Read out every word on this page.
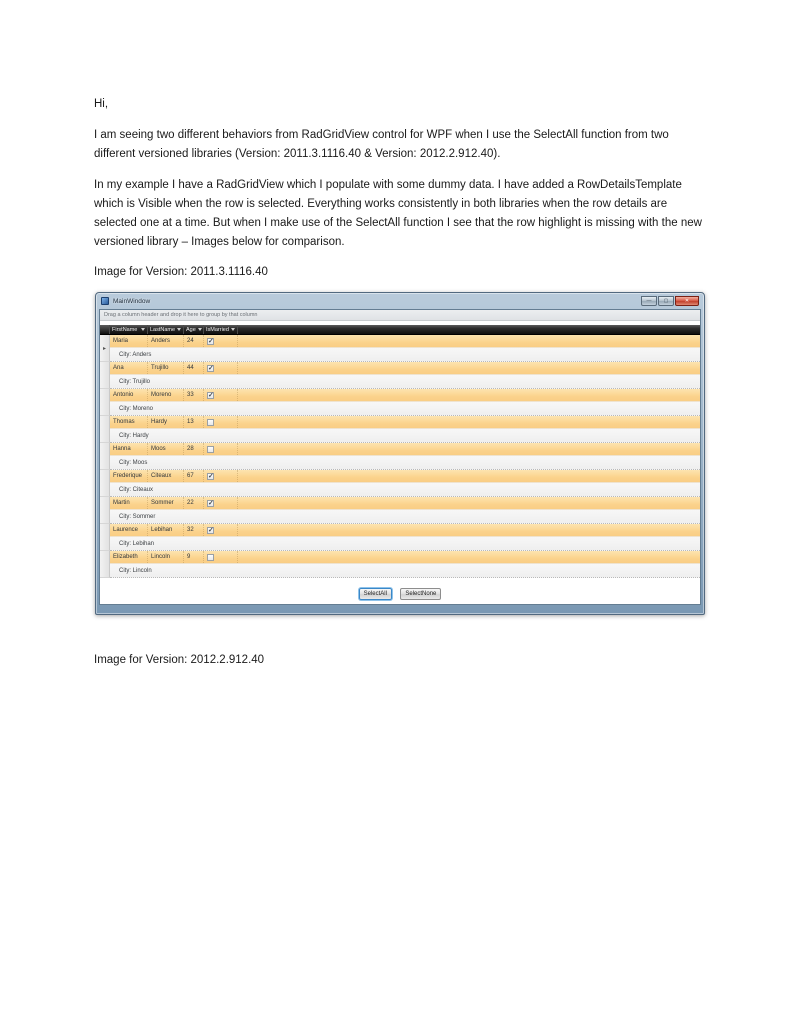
Hi,
I am seeing two different behaviors from RadGridView control for WPF when I use the SelectAll function from two different versioned libraries (Version: 2011.3.1116.40 & Version: 2012.2.912.40).
In my example I have a RadGridView which I populate with some dummy data. I have added a RowDetailsTemplate which is Visible when the row is selected. Everything works consistently in both libraries when the row details are selected one at a time. But when I make use of the SelectAll function I see that the row highlight is missing with the new versioned library – Images below for comparison.
Image for Version: 2011.3.1116.40
MainWindow	—	▢	✕
Drag a column header and drop it here to group by that column
FirstName LastName Age IsMarried
▸
Maria	Anders	24	✓
City: Anders
Ana	Trujillo	44	✓
City: Trujillo
Antonio	Moreno	33	✓
City: Moreno
Thomas	Hardy	13
City: Hardy
Hanna	Moos	28
City: Moos
Frederique	Citeaux	67	✓
City: Citeaux
Martin	Sommer	22	✓
City: Sommer
Laurence	Lebihan	32	✓
City: Lebihan
Elizabeth	Lincoln	9
City: Lincoln
SelectAll	SelectNone
Image for Version: 2012.2.912.40
